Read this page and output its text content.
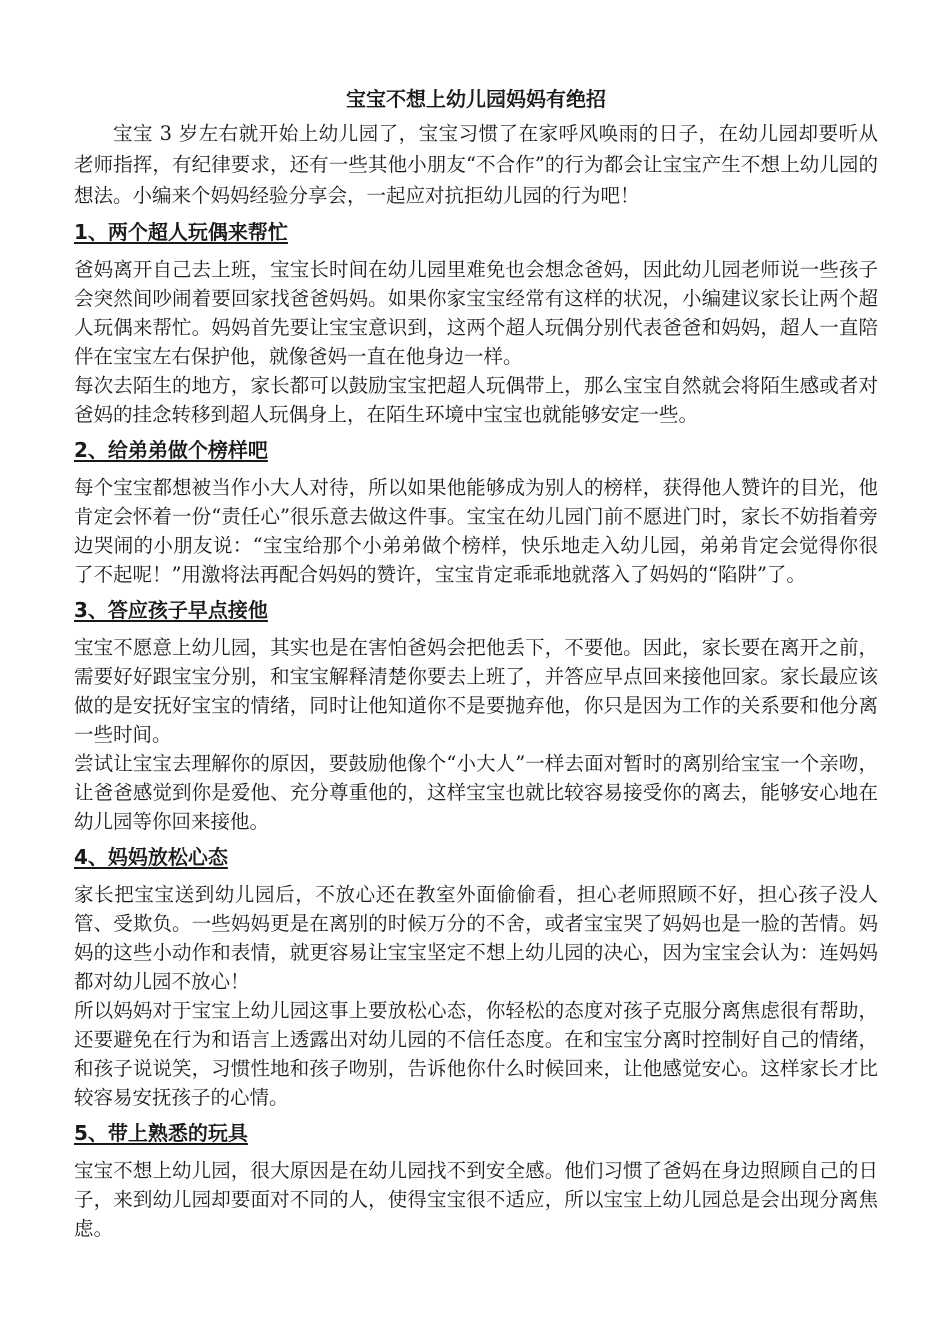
宝宝不想上幼儿园妈妈有绝招

宝宝 3 岁左右就开始上幼儿园了，宝宝习惯了在家呼风唤雨的日子，在幼儿园却要听从老师指挥，有纪律要求，还有一些其他小朋友“不合作”的行为都会让宝宝产生不想上幼儿园的想法。小编来个妈妈经验分享会，一起应对抗拒幼儿园的行为吧！

1、两个超人玩偶来帮忙

爸妈离开自己去上班，宝宝长时间在幼儿园里难免也会想念爸妈，因此幼儿园老师说一些孩子会突然间吵闹着要回家找爸爸妈妈。如果你家宝宝经常有这样的状况，小编建议家长让两个超人玩偶来帮忙。妈妈首先要让宝宝意识到，这两个超人玩偶分别代表爸爸和妈妈，超人一直陪伴在宝宝左右保护他，就像爸妈一直在他身边一样。

每次去陌生的地方，家长都可以鼓励宝宝把超人玩偶带上，那么宝宝自然就会将陌生感或者对爸妈的挂念转移到超人玩偶身上，在陌生环境中宝宝也就能够安定一些。

2、给弟弟做个榜样吧

每个宝宝都想被当作小大人对待，所以如果他能够成为别人的榜样，获得他人赞许的目光，他肯定会怀着一份“责任心”很乐意去做这件事。宝宝在幼儿园门前不愿进门时，家长不妨指着旁边哭闹的小朋友说：“宝宝给那个小弟弟做个榜样，快乐地走入幼儿园，弟弟肯定会觉得你很了不起呢！”用激将法再配合妈妈的赞许，宝宝肯定乖乖地就落入了妈妈的“陷阱”了。

3、答应孩子早点接他

宝宝不愿意上幼儿园，其实也是在害怕爸妈会把他丢下，不要他。因此，家长要在离开之前，需要好好跟宝宝分别，和宝宝解释清楚你要去上班了，并答应早点回来接他回家。家长最应该做的是安抚好宝宝的情绪，同时让他知道你不是要抛弃他，你只是因为工作的关系要和他分离一些时间。

尝试让宝宝去理解你的原因，要鼓励他像个“小大人”一样去面对暂时的离别给宝宝一个亲吻，让爸爸感觉到你是爱他、充分尊重他的，这样宝宝也就比较容易接受你的离去，能够安心地在幼儿园等你回来接他。

4、妈妈放松心态

家长把宝宝送到幼儿园后，不放心还在教室外面偷偷看，担心老师照顾不好，担心孩子没人管、受欺负。一些妈妈更是在离别的时候万分的不舍，或者宝宝哭了妈妈也是一脸的苦情。妈妈的这些小动作和表情，就更容易让宝宝坚定不想上幼儿园的决心，因为宝宝会认为：连妈妈都对幼儿园不放心！

所以妈妈对于宝宝上幼儿园这事上要放松心态，你轻松的态度对孩子克服分离焦虑很有帮助，还要避免在行为和语言上透露出对幼儿园的不信任态度。在和宝宝分离时控制好自己的情绪，和孩子说说笑，习惯性地和孩子吻别，告诉他你什么时候回来，让他感觉安心。这样家长才比较容易安抚孩子的心情。

5、带上熟悉的玩具

宝宝不想上幼儿园，很大原因是在幼儿园找不到安全感。他们习惯了爸妈在身边照顾自己的日子，来到幼儿园却要面对不同的人，使得宝宝很不适应，所以宝宝上幼儿园总是会出现分离焦虑。
